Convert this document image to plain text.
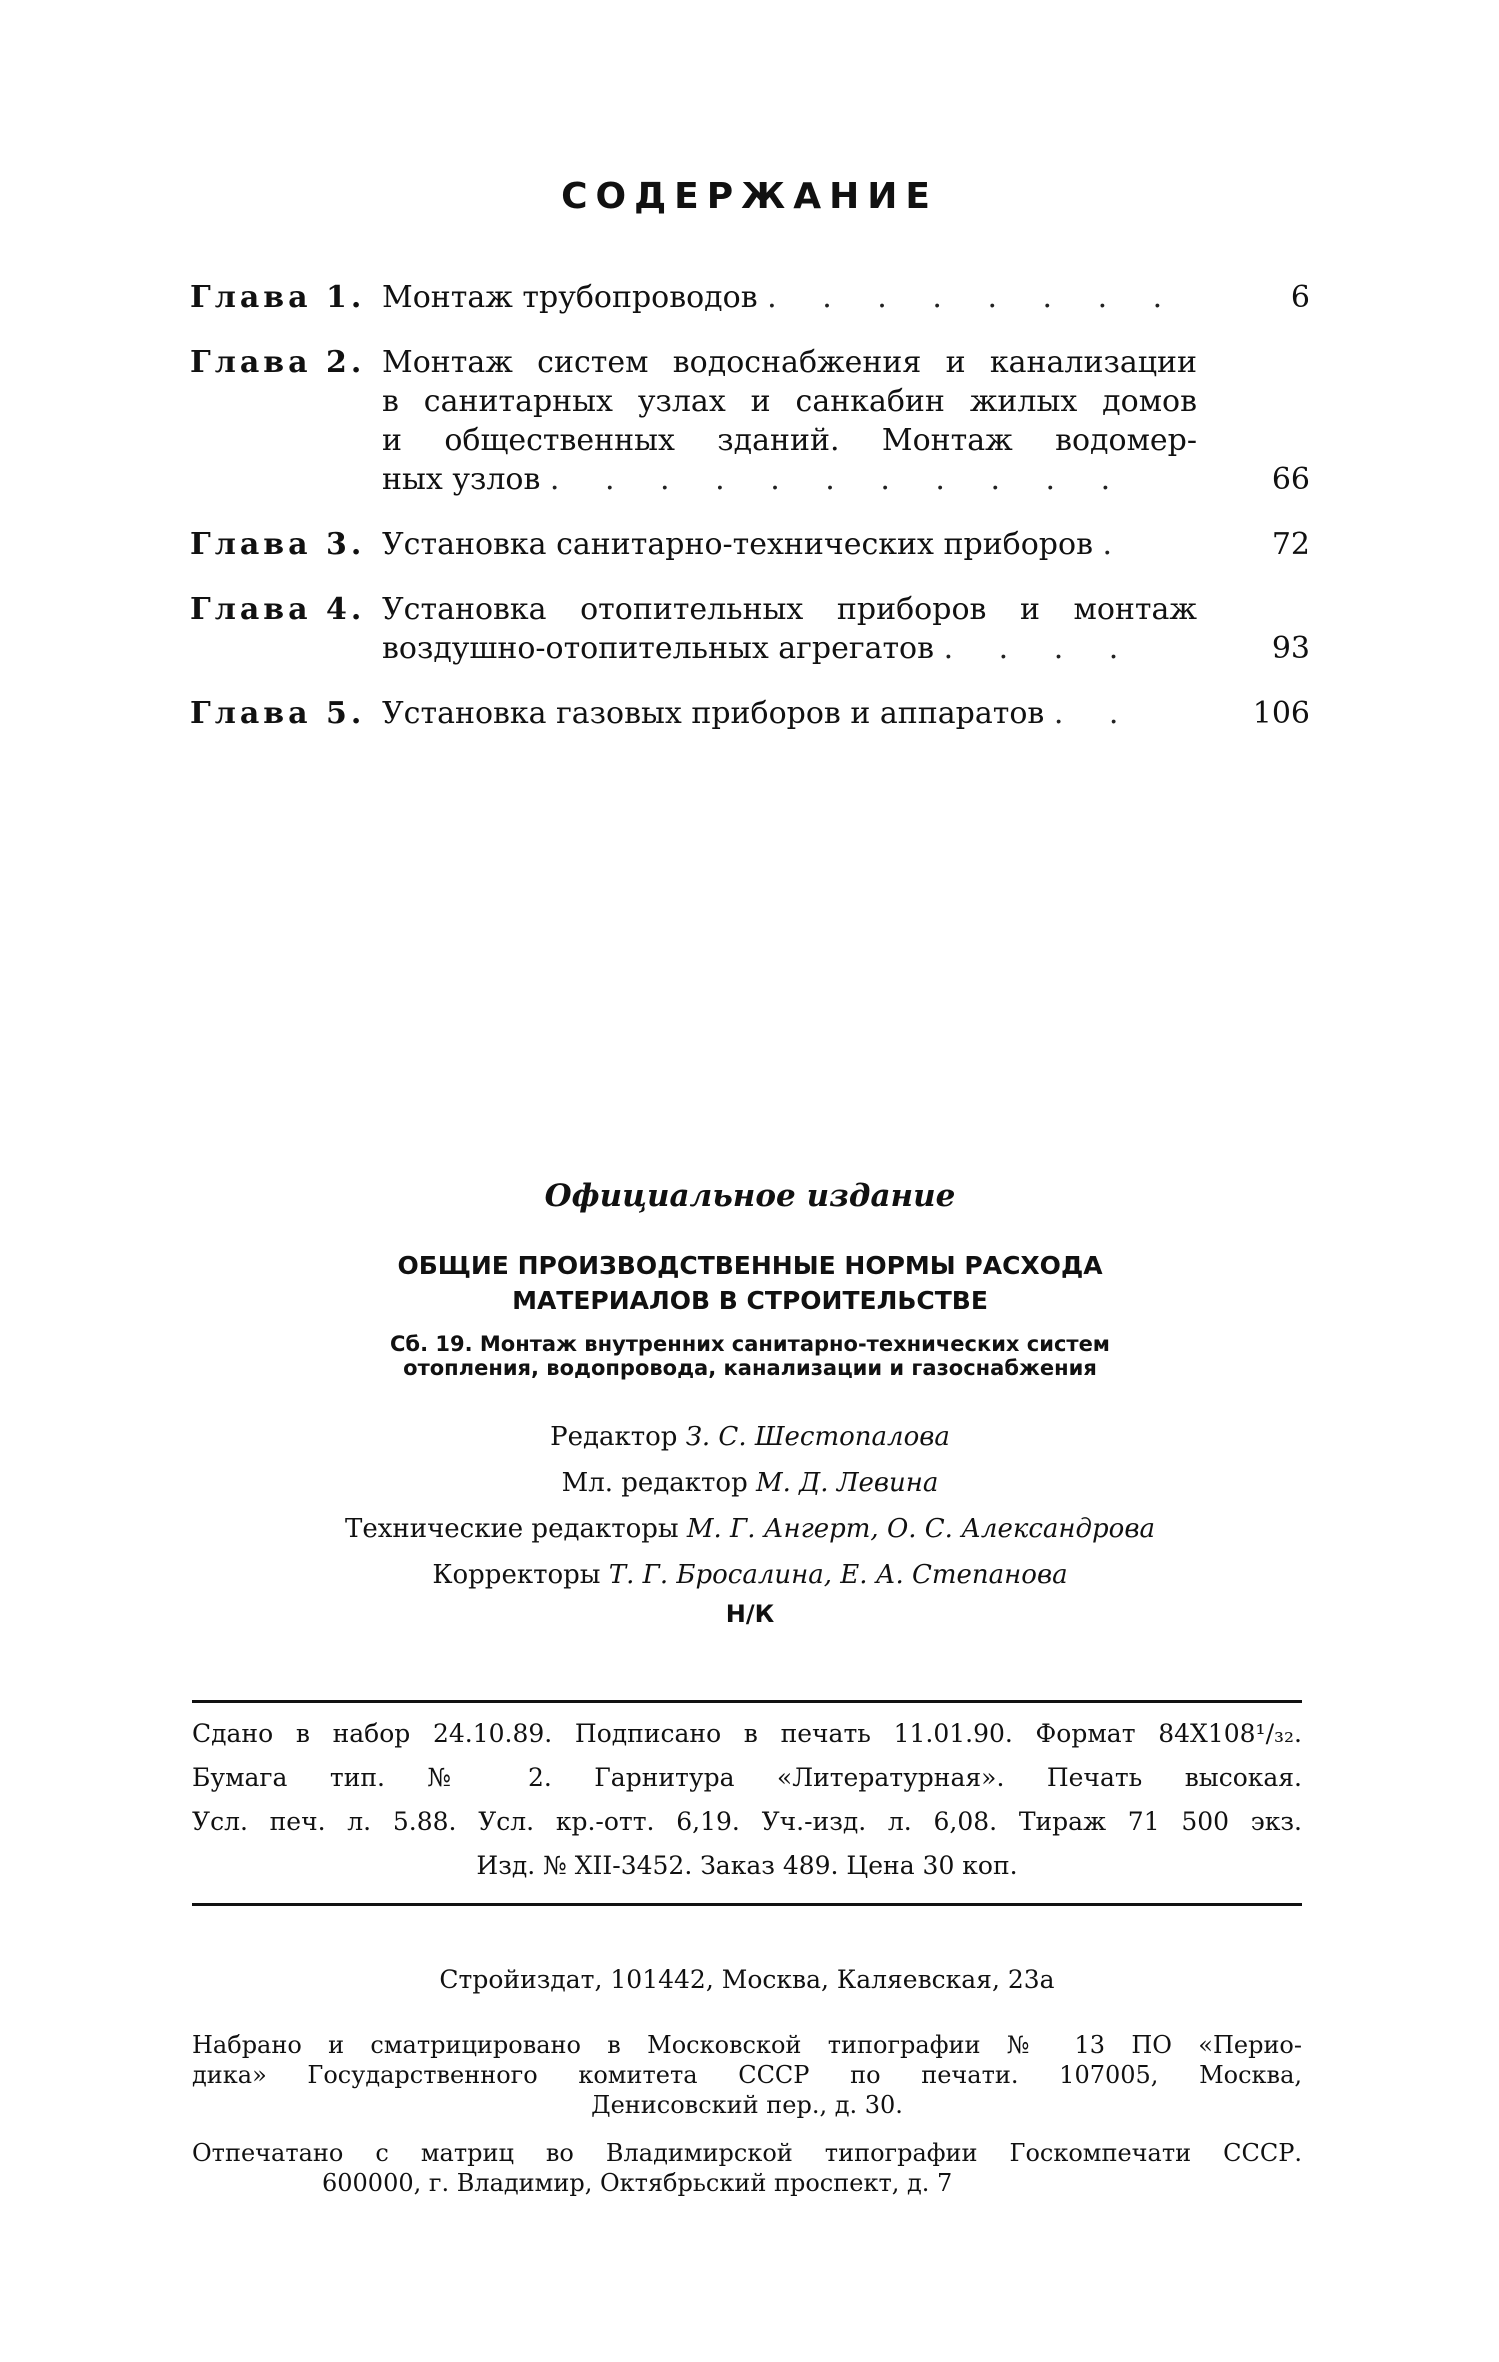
СОДЕРЖАНИЕ
Глава 1. Монтаж трубопроводов . . . . . . . .	6
Глава 2. Монтаж систем водоснабжения и канализации
в санитарных узлах и санкабин жилых домов
и общественных зданий. Монтаж водомер-
ных узлов . . . . . . . . . . .	66
Глава 3. Установка санитарно-технических приборов .	72
Глава 4. Установка отопительных приборов и монтаж
воздушно-отопительных агрегатов . . . .	93
Глава 5. Установка газовых приборов и аппаратов . .	106
Официальное издание
ОБЩИЕ ПРОИЗВОДСТВЕННЫЕ НОРМЫ РАСХОДА
МАТЕРИАЛОВ В СТРОИТЕЛЬСТВЕ
Сб. 19. Монтаж внутренних санитарно-технических систем
отопления, водопровода, канализации и газоснабжения
Редактор З. С. Шестопалова
Мл. редактор М. Д. Левина
Технические редакторы М. Г. Ангерт, О. С. Александрова
Корректоры Т. Г. Бросалина, Е. А. Степанова
Н/К
Сдано в набор 24.10.89. Подписано в печать 11.01.90. Формат 84Х108¹/₃₂.
Бумага тип. № 2. Гарнитура «Литературная». Печать высокая.
Усл. печ. л. 5.88. Усл. кр.-отт. 6,19. Уч.-изд. л. 6,08. Тираж 71 500 экз.
Изд. № XII-3452. Заказ 489. Цена 30 коп.
Стройиздат, 101442, Москва, Каляевская, 23а
Набрано и сматрицировано в Московской типографии № 13 ПО «Перио-
дика» Государственного комитета СССР по печати. 107005, Москва,
Денисовский пер., д. 30.
Отпечатано с матриц во Владимирской типографии Госкомпечати СССР.
600000, г. Владимир, Октябрьский проспект, д. 7
